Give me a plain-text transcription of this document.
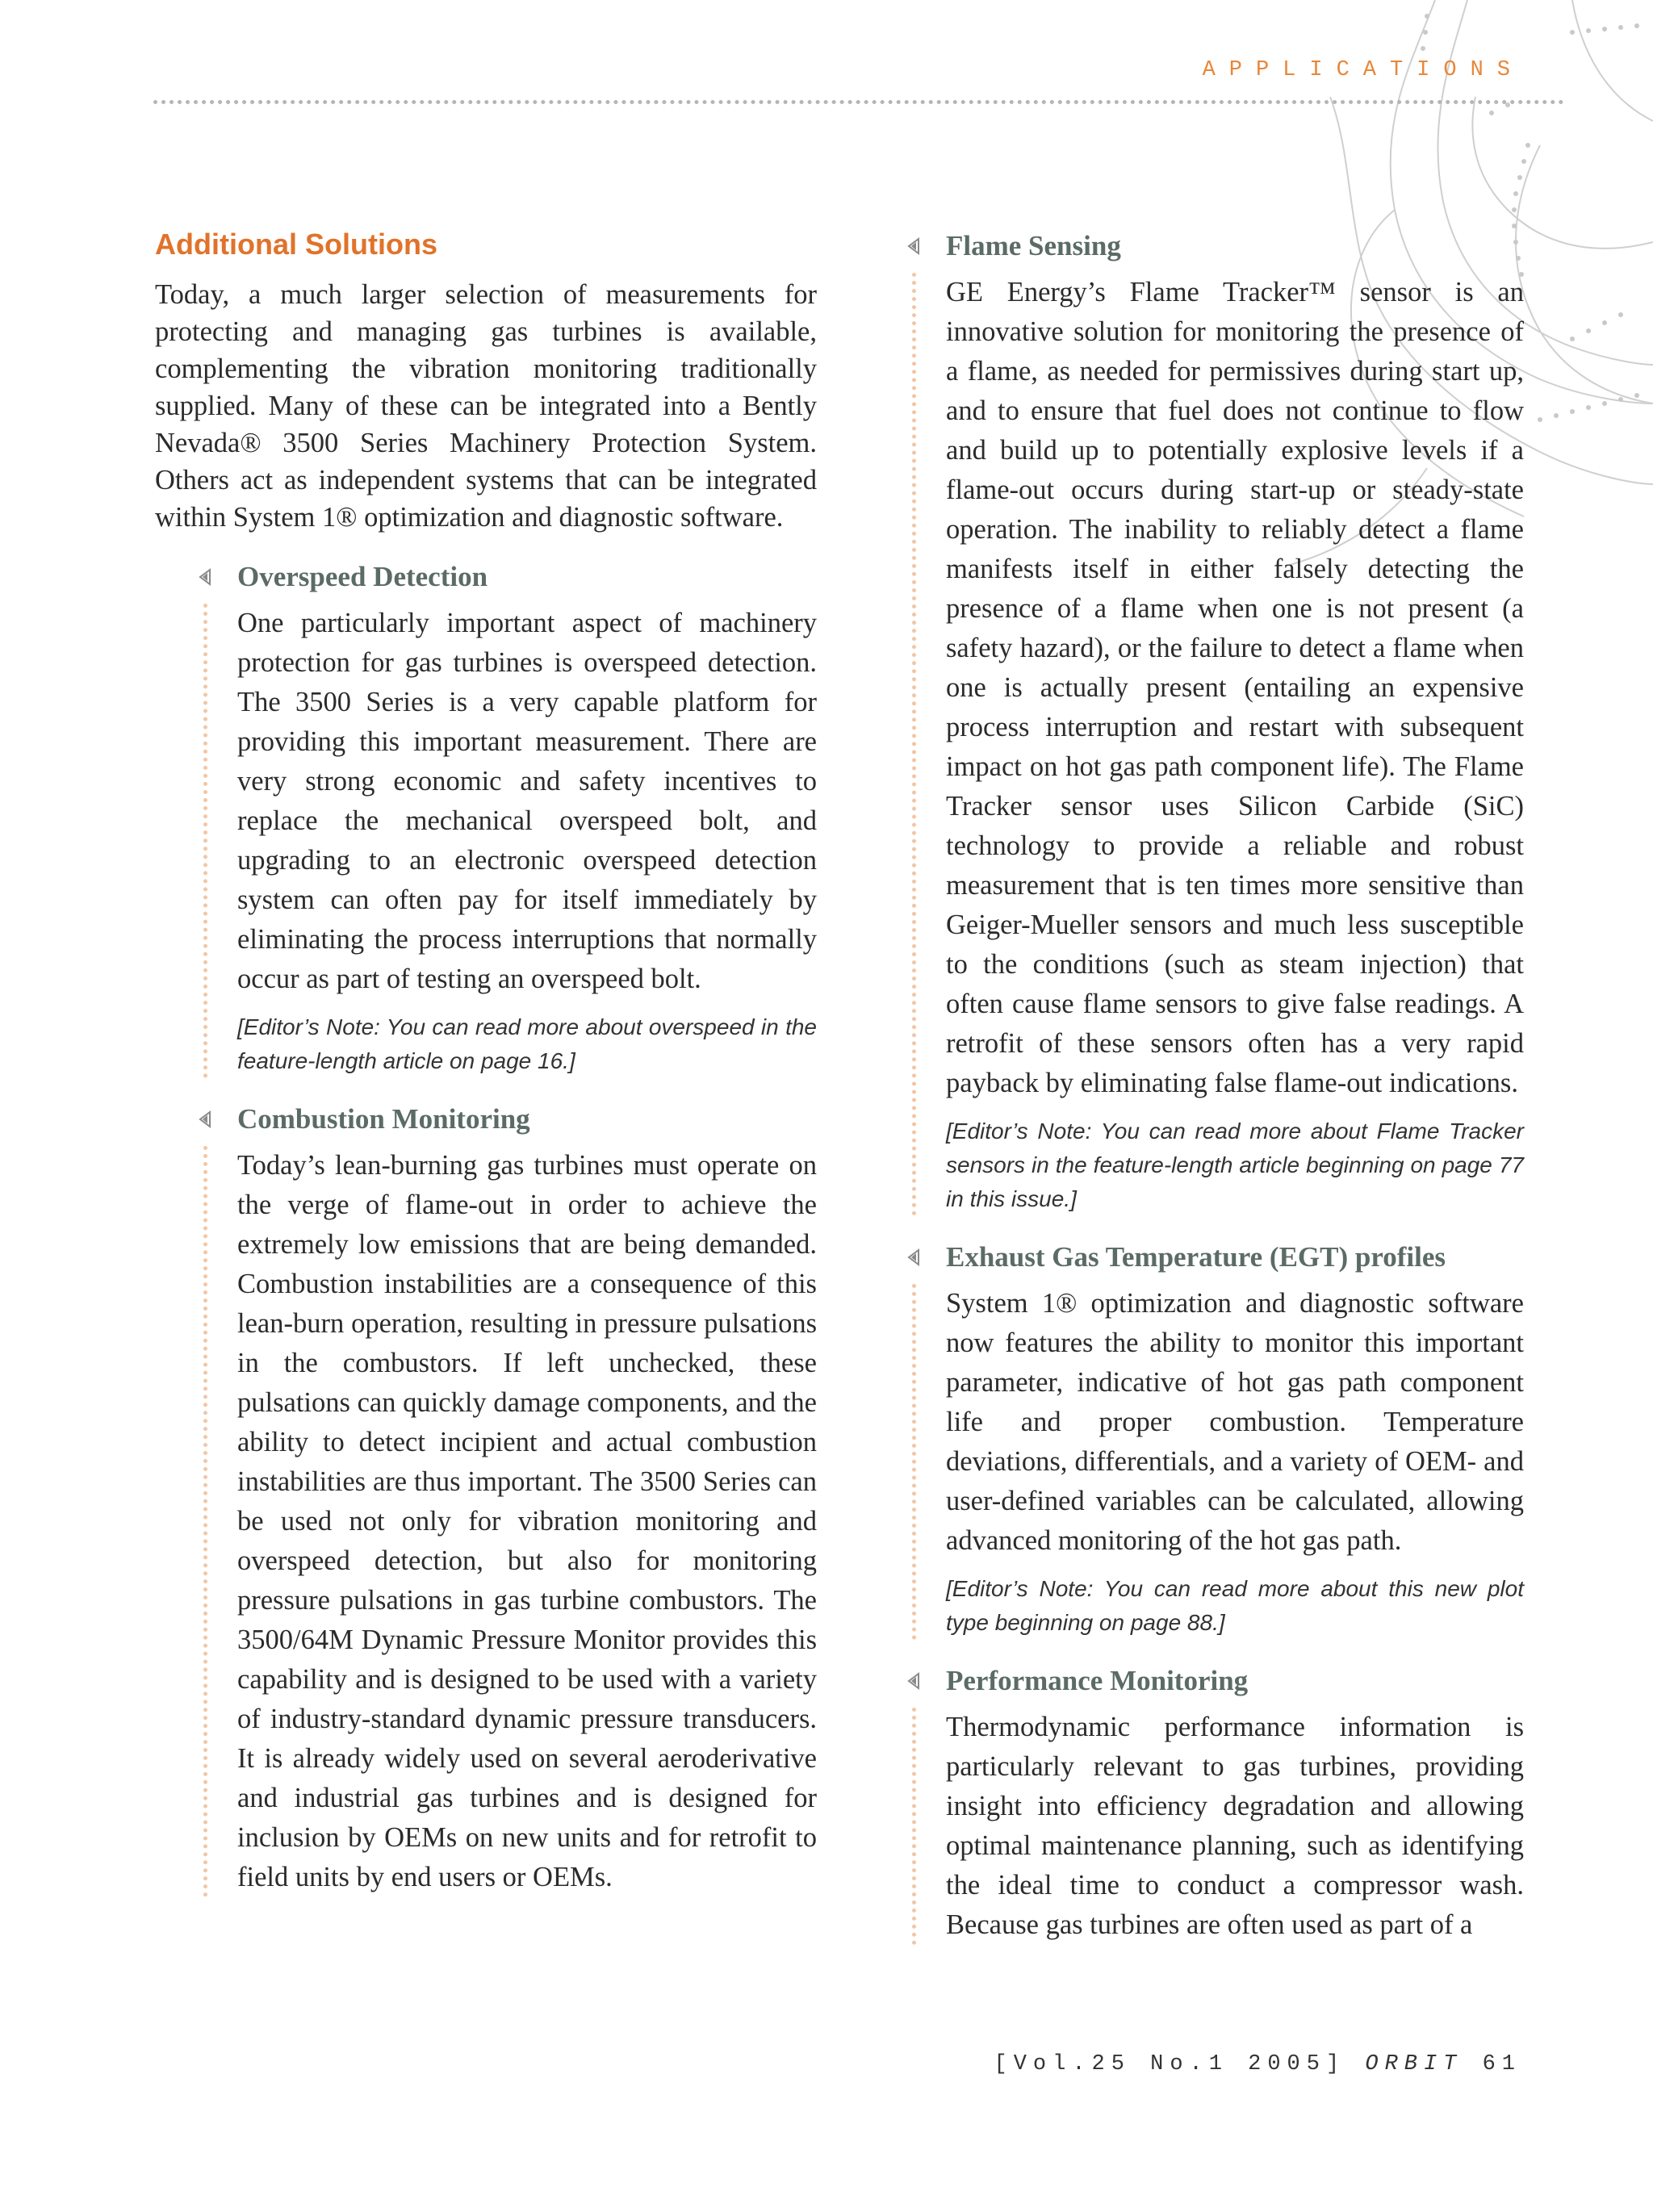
APPLICATIONS
Additional Solutions

Today, a much larger selection of measurements for protecting and managing gas turbines is available, complementing the vibration monitoring traditionally supplied. Many of these can be integrated into a Bently Nevada® 3500 Series Machinery Protection System. Others act as independent systems that can be integrated within System 1® optimization and diagnostic software.

Overspeed Detection

One particularly important aspect of machinery protection for gas turbines is overspeed detection. The 3500 Series is a very capable platform for providing this important measurement. There are very strong economic and safety incentives to replace the mechanical overspeed bolt, and upgrading to an electronic overspeed detection system can often pay for itself immediately by eliminating the process interruptions that normally occur as part of testing an overspeed bolt.

[Editor’s Note: You can read more about overspeed in the feature-length article on page 16.]

Combustion Monitoring

Today’s lean-burning gas turbines must operate on the verge of flame-out in order to achieve the extremely low emissions that are being demanded. Combustion instabilities are a consequence of this lean-burn operation, resulting in pressure pulsations in the combustors. If left unchecked, these pulsations can quickly damage components, and the ability to detect incipient and actual combustion instabilities are thus important. The 3500 Series can be used not only for vibration monitoring and overspeed detection, but also for monitoring pressure pulsations in gas turbine combustors. The 3500/64M Dynamic Pressure Monitor provides this capability and is designed to be used with a variety of industry-standard dynamic pressure transducers. It is already widely used on several aeroderivative and industrial gas turbines and is designed for inclusion by OEMs on new units and for retrofit to field units by end users or OEMs.

Flame Sensing

GE Energy’s Flame Tracker™ sensor is an innovative solution for monitoring the presence of a flame, as needed for permissives during start up, and to ensure that fuel does not continue to flow and build up to potentially explosive levels if a flame-out occurs during start-up or steady-state operation. The inability to reliably detect a flame manifests itself in either falsely detecting the presence of a flame when one is not present (a safety hazard), or the failure to detect a flame when one is actually present (entailing an expensive process interruption and restart with subsequent impact on hot gas path component life). The Flame Tracker sensor uses Silicon Carbide (SiC) technology to provide a reliable and robust measurement that is ten times more sensitive than Geiger-Mueller sensors and much less susceptible to the conditions (such as steam injection) that often cause flame sensors to give false readings. A retrofit of these sensors often has a very rapid payback by eliminating false flame-out indications.

[Editor’s Note: You can read more about Flame Tracker sensors in the feature-length article beginning on page 77 in this issue.]

Exhaust Gas Temperature (EGT) profiles

System 1® optimization and diagnostic software now features the ability to monitor this important parameter, indicative of hot gas path component life and proper combustion. Temperature deviations, differentials, and a variety of OEM- and user-defined variables can be calculated, allowing advanced monitoring of the hot gas path.

[Editor’s Note: You can read more about this new plot type beginning on page 88.]

Performance Monitoring

Thermodynamic performance information is particularly relevant to gas turbines, providing insight into efficiency degradation and allowing optimal maintenance planning, such as identifying the ideal time to conduct a compressor wash. Because gas turbines are often used as part of a

[Vol.25 No.1 2005] ORBIT 61
